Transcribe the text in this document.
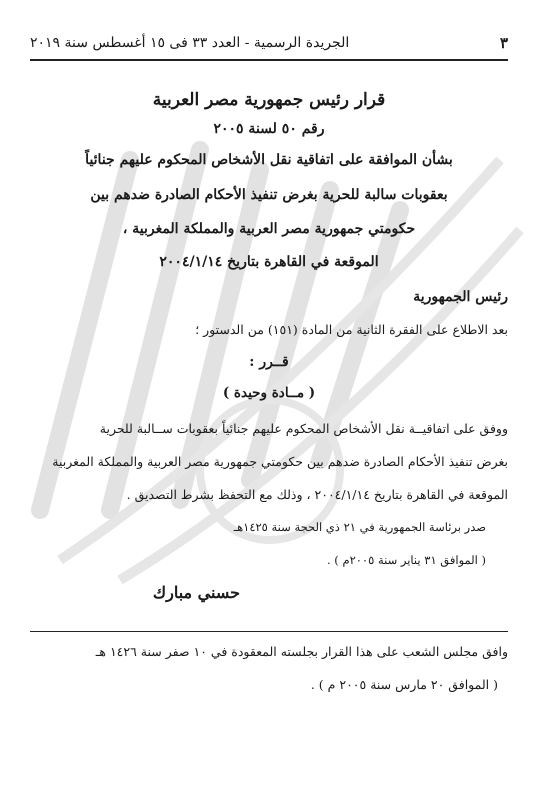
٣
الجريدة الرسمية - العدد ٣٣ فى ١٥ أغسطس سنة ٢٠١٩
قرار رئيس جمهورية مصر العربية
رقم ٥٠ لسنة ٢٠٠٥
بشأن الموافقة على اتفاقية نقل الأشخاص المحكوم عليهم جنائياً
بعقوبات سالبة للحرية بغرض تنفيذ الأحكام الصادرة ضدهم بين
حكومتي جمهورية مصر العربية والمملكة المغربية ،
الموقعة في القاهرة بتاريخ ٢٠٠٤/١/١٤
رئيس الجمهورية
بعد الاطلاع على الفقرة الثانية من المادة (١٥١) من الدستور ؛
قــرر :
( مــادة وحيدة )
ووفق على اتفاقيــة نقل الأشخاص المحكوم عليهم جنائياً بعقوبات ســالبة للحرية
بغرض تنفيذ الأحكام الصادرة ضدهم بين حكومتي جمهورية مصر العربية والمملكة المغربية
الموقعة في القاهرة بتاريخ ٢٠٠٤/١/١٤ ، وذلك مع التحفظ بشرط التصديق .
صدر برئاسة الجمهورية في ٢١ ذي الحجة سنة ١٤٢٥هـ
( الموافق ٣١ يناير سنة ٢٠٠٥م ) .
حسني مبارك
وافق مجلس الشعب على هذا القرار بجلسته المعقودة في ١٠ صفر سنة ١٤٢٦ هـ
( الموافق ٢٠ مارس سنة ٢٠٠٥ م ) .
